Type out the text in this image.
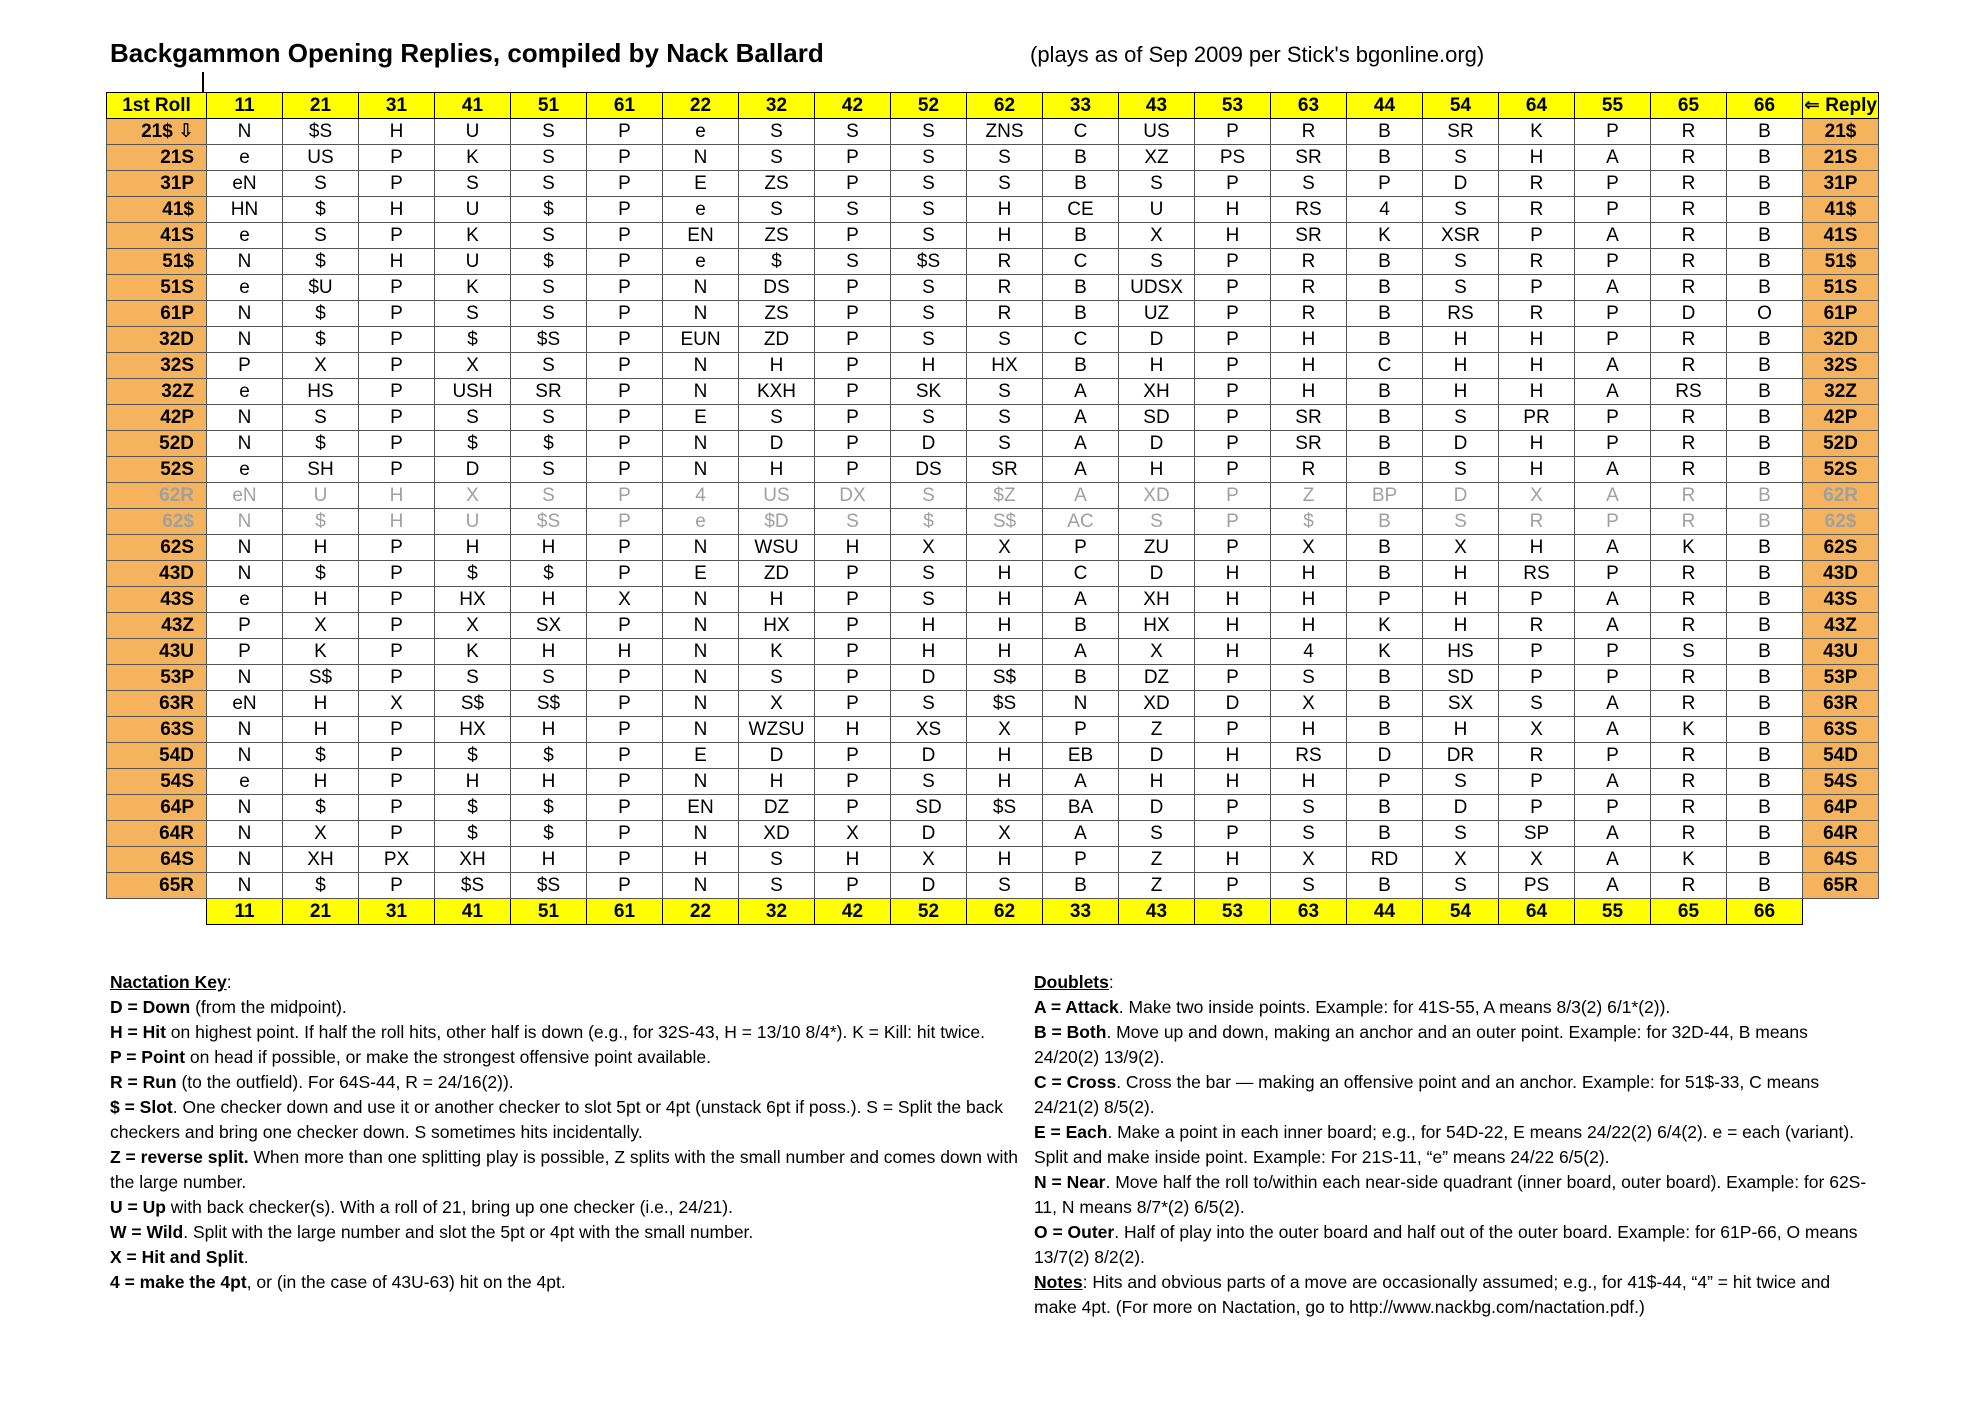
Backgammon Opening Replies, compiled by Nack Ballard	(plays as of Sep 2009 per Stick's bgonline.org)
1st Roll	11	21	31	41	51	61	22	32	42	52	62	33	43	53	63	44	54	64	55	65	66	⇐ Reply
21$ ⇩	N	$S	H	U	S	P	e	S	S	S	ZNS	C	US	P	R	B	SR	K	P	R	B	21$
21S	e	US	P	K	S	P	N	S	P	S	S	B	XZ	PS	SR	B	S	H	A	R	B	21S
31P	eN	S	P	S	S	P	E	ZS	P	S	S	B	S	P	S	P	D	R	P	R	B	31P
41$	HN	$	H	U	$	P	e	S	S	S	H	CE	U	H	RS	4	S	R	P	R	B	41$
41S	e	S	P	K	S	P	EN	ZS	P	S	H	B	X	H	SR	K	XSR	P	A	R	B	41S
51$	N	$	H	U	$	P	e	$	S	$S	R	C	S	P	R	B	S	R	P	R	B	51$
51S	e	$U	P	K	S	P	N	DS	P	S	R	B	UDSX	P	R	B	S	P	A	R	B	51S
61P	N	$	P	S	S	P	N	ZS	P	S	R	B	UZ	P	R	B	RS	R	P	D	O	61P
32D	N	$	P	$	$S	P	EUN	ZD	P	S	S	C	D	P	H	B	H	H	P	R	B	32D
32S	P	X	P	X	S	P	N	H	P	H	HX	B	H	P	H	C	H	H	A	R	B	32S
32Z	e	HS	P	USH	SR	P	N	KXH	P	SK	S	A	XH	P	H	B	H	H	A	RS	B	32Z
42P	N	S	P	S	S	P	E	S	P	S	S	A	SD	P	SR	B	S	PR	P	R	B	42P
52D	N	$	P	$	$	P	N	D	P	D	S	A	D	P	SR	B	D	H	P	R	B	52D
52S	e	SH	P	D	S	P	N	H	P	DS	SR	A	H	P	R	B	S	H	A	R	B	52S
62R	eN	U	H	X	S	P	4	US	DX	S	$Z	A	XD	P	Z	BP	D	X	A	R	B	62R
62$	N	$	H	U	$S	P	e	$D	S	$	S$	AC	S	P	$	B	S	R	P	R	B	62$
62S	N	H	P	H	H	P	N	WSU	H	X	X	P	ZU	P	X	B	X	H	A	K	B	62S
43D	N	$	P	$	$	P	E	ZD	P	S	H	C	D	H	H	B	H	RS	P	R	B	43D
43S	e	H	P	HX	H	X	N	H	P	S	H	A	XH	H	H	P	H	P	A	R	B	43S
43Z	P	X	P	X	SX	P	N	HX	P	H	H	B	HX	H	H	K	H	R	A	R	B	43Z
43U	P	K	P	K	H	H	N	K	P	H	H	A	X	H	4	K	HS	P	P	S	B	43U
53P	N	S$	P	S	S	P	N	S	P	D	S$	B	DZ	P	S	B	SD	P	P	R	B	53P
63R	eN	H	X	S$	S$	P	N	X	P	S	$S	N	XD	D	X	B	SX	S	A	R	B	63R
63S	N	H	P	HX	H	P	N	WZSU	H	XS	X	P	Z	P	H	B	H	X	A	K	B	63S
54D	N	$	P	$	$	P	E	D	P	D	H	EB	D	H	RS	D	DR	R	P	R	B	54D
54S	e	H	P	H	H	P	N	H	P	S	H	A	H	H	H	P	S	P	A	R	B	54S
64P	N	$	P	$	$	P	EN	DZ	P	SD	$S	BA	D	P	S	B	D	P	P	R	B	64P
64R	N	X	P	$	$	P	N	XD	X	D	X	A	S	P	S	B	S	SP	A	R	B	64R
64S	N	XH	PX	XH	H	P	H	S	H	X	H	P	Z	H	X	RD	X	X	A	K	B	64S
65R	N	$	P	$S	$S	P	N	S	P	D	S	B	Z	P	S	B	S	PS	A	R	B	65R
	11	21	31	41	51	61	22	32	42	52	62	33	43	53	63	44	54	64	55	65	66	

Nactation Key:

D = Down (from the midpoint).

H = Hit on highest point. If half the roll hits, other half is down (e.g., for 32S-43, H = 13/10 8/4*). K = Kill: hit twice.

P = Point on head if possible, or make the strongest offensive point available.

R = Run (to the outfield). For 64S-44, R = 24/16(2)).

$ = Slot. One checker down and use it or another checker to slot 5pt or 4pt (unstack 6pt if poss.). S = Split the back checkers and bring one checker down. S sometimes hits incidentally.

Z = reverse split. When more than one splitting play is possible, Z splits with the small number and comes down with the large number.

U = Up with back checker(s). With a roll of 21, bring up one checker (i.e., 24/21).

W = Wild. Split with the large number and slot the 5pt or 4pt with the small number.

X = Hit and Split.

4 = make the 4pt, or (in the case of 43U-63) hit on the 4pt.

Doublets:

A = Attack. Make two inside points. Example: for 41S-55, A means 8/3(2) 6/1*(2)).

B = Both. Move up and down, making an anchor and an outer point. Example: for 32D-44, B means 24/20(2) 13/9(2).

C = Cross. Cross the bar — making an offensive point and an anchor. Example: for 51$-33, C means 24/21(2) 8/5(2).

E = Each. Make a point in each inner board; e.g., for 54D-22, E means 24/22(2) 6/4(2). e = each (variant). Split and make inside point. Example: For 21S-11, “e” means 24/22 6/5(2).

N = Near. Move half the roll to/within each near-side quadrant (inner board, outer board). Example: for 62S-11, N means 8/7*(2) 6/5(2).

O = Outer. Half of play into the outer board and half out of the outer board. Example: for 61P-66, O means 13/7(2) 8/2(2).

Notes: Hits and obvious parts of a move are occasionally assumed; e.g., for 41$-44, “4” = hit twice and make 4pt. (For more on Nactation, go to http://www.nackbg.com/nactation.pdf.)
